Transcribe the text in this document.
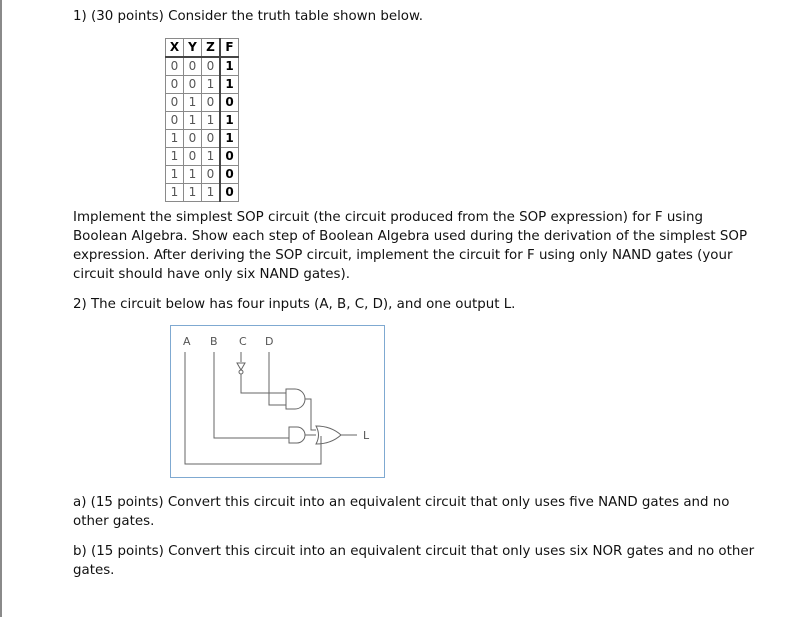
1) (30 points) Consider the truth table shown below.

X	Y	Z	F
0	0	0	1
0	0	1	1
0	1	0	0
0	1	1	1
1	0	0	1
1	0	1	0
1	1	0	0
1	1	1	0

Implement the simplest SOP circuit (the circuit produced from the SOP expression) for F using Boolean Algebra. Show each step of Boolean Algebra used during the derivation of the simplest SOP expression. After deriving the SOP circuit, implement the circuit for F using only NAND gates (your circuit should have only six NAND gates).

2) The circuit below has four inputs (A, B, C, D), and one output L.

A B C D
L

a) (15 points) Convert this circuit into an equivalent circuit that only uses five NAND gates and no other gates.

b) (15 points) Convert this circuit into an equivalent circuit that only uses six NOR gates and no other gates.
